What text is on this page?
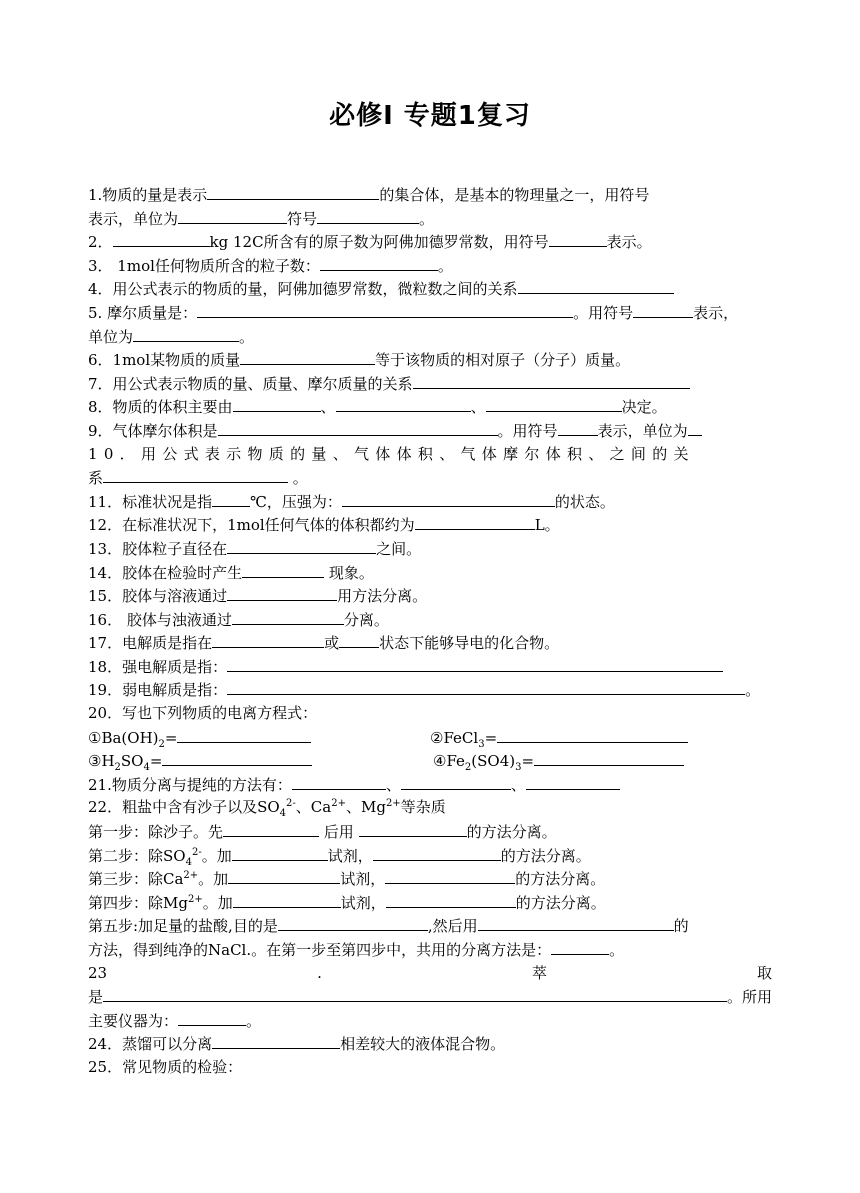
必修Ⅰ 专题1复习
1.物质的量是表示	的集合体，是基本的物理量之一，用符号
表示，单位为	符号	。
2．	kg 12C所含有的原子数为阿佛加德罗常数，用符号	表示。
3． 1mol任何物质所含的粒子数：	。
4．用公式表示的物质的量，阿佛加德罗常数，微粒数之间的关系
5. 摩尔质量是：	。用符号	表示，
单位为	。
6．1mol某物质的质量	等于该物质的相对原子（分子）质量。
7．用公式表示物质的量、质量、摩尔质量的关系
8．物质的体积主要由	、	、	决定。
9．气体摩尔体积是	。用符号	表示，单位为
10．用公式表示物质的量、气体体积、气体摩尔体积、之间的关
系	。
11．标准状况是指	℃，压强为：	的状态。
12．在标准状况下，1mol任何气体的体积都约为	L。
13．胶体粒子直径在	之间。
14．胶体在检验时产生	现象。
15．胶体与溶液通过	用方法分离。
16． 胶体与浊液通过	分离。
17．电解质是指在	或	状态下能够导电的化合物。
18．强电解质是指：
19．弱电解质是指：	。
20．写也下列物质的电离方程式：
$①Ba(OH)_2=$	②FeCl$_3$=
$③H_2SO_4=$	$④Fe_2(SO4)_3=$
21.物质分离与提纯的方法有：	、	、
22．粗盐中含有沙子以及$SO_4^{2-}$、$Ca^{2+}$、$Mg^{2+}$等杂质
第一步：除沙子。先	后用	的方法分离。
第二步：除$SO_4^{2-}$。加	试剂，	的方法分离。
第三步：除$Ca^{2+}$。加	试剂，	的方法分离。
第四步：除$Mg^{2+}$。加	试剂，	的方法分离。
第五步:加足量的盐酸,目的是	,然后用	的
方法，得到纯净的NaCl.。在第一步至第四步中，共用的分离方法是：	。
23	.	萃	取
是	。所用
主要仪器为：	。
24．蒸馏可以分离	相差较大的液体混合物。
25．常见物质的检验：
